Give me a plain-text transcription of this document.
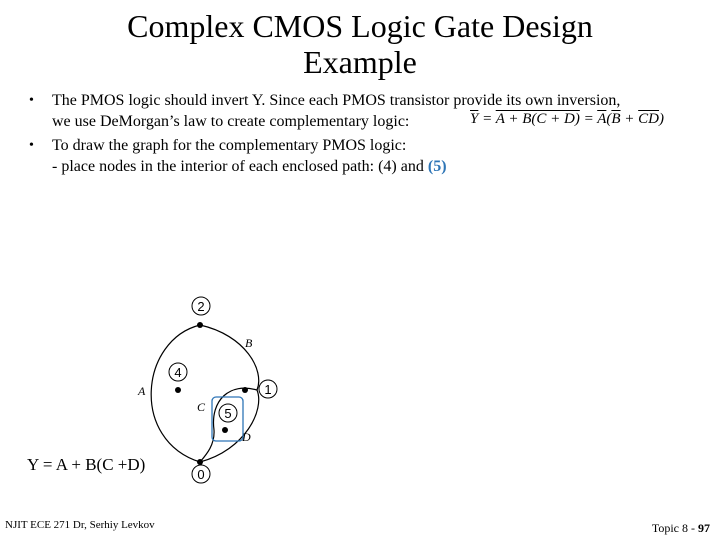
Complex CMOS Logic Gate Design
Example
• The PMOS logic should invert Y. Since each PMOS transistor provide its own inversion,
we use DeMorgan’s law to create complementary logic:
• To draw the graph for the complementary PMOS logic:
- place nodes in the interior of each enclosed path: (4) and (5)
$\overline{Y} = A + B(C + D) = \overline{A}(\overline{B} + \overline{CD})$
2
1
0
4
5
A
B
C
D
Y = A + B(C +D)
NJIT ECE 271 Dr, Serhiy Levkov	Topic 8 - 97
